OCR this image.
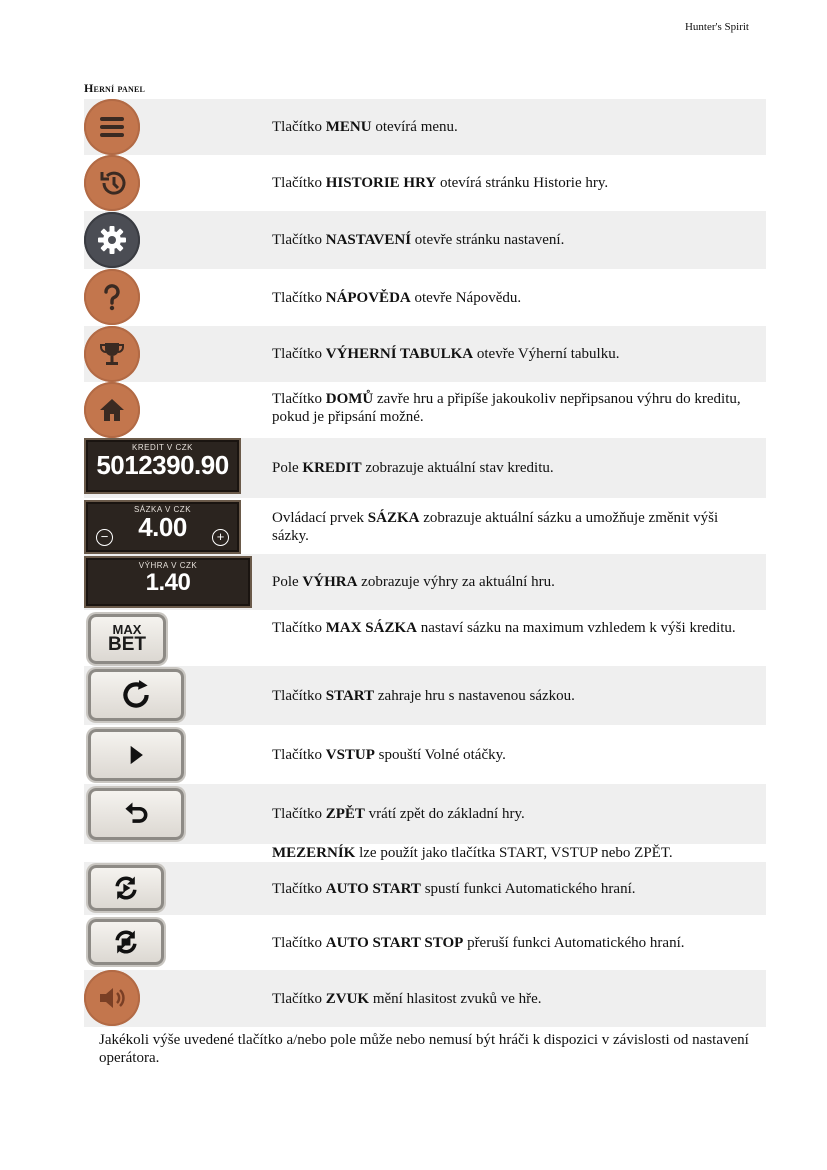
Hunter's Spirit
Herní panel
Tlačítko MENU otevírá menu.
Tlačítko HISTORIE HRY otevírá stránku Historie hry.
Tlačítko NASTAVENÍ otevře stránku nastavení.
Tlačítko NÁPOVĚDA otevře Nápovědu.
Tlačítko VÝHERNÍ TABULKA otevře Výherní tabulku.
Tlačítko DOMŮ zavře hru a připíše jakoukoliv nepřipsanou výhru do kreditu, pokud je připsání možné.
KREDIT V CZK
5012390.90	Pole KREDIT zobrazuje aktuální stav kreditu.
SÁZKA V CZK
4.00
−	+
Ovládací prvek SÁZKA zobrazuje aktuální sázku a umožňuje změnit výši sázky.
VÝHRA V CZK
1.40	Pole VÝHRA zobrazuje výhry za aktuální hru.
MAX
BET
Tlačítko MAX SÁZKA nastaví sázku na maximum vzhledem k výši kreditu.
Tlačítko START zahraje hru s nastavenou sázkou.
Tlačítko VSTUP spouští Volné otáčky.
Tlačítko ZPĚT vrátí zpět do základní hry.
MEZERNÍK lze použít jako tlačítka START, VSTUP nebo ZPĚT.
Tlačítko AUTO START spustí funkci Automatického hraní.
Tlačítko AUTO START STOP přeruší funkci Automatického hraní.
Tlačítko ZVUK mění hlasitost zvuků ve hře.
Jakékoli výše uvedené tlačítko a/nebo pole může nebo nemusí být hráči k dispozici v závislosti od nastavení operátora.
